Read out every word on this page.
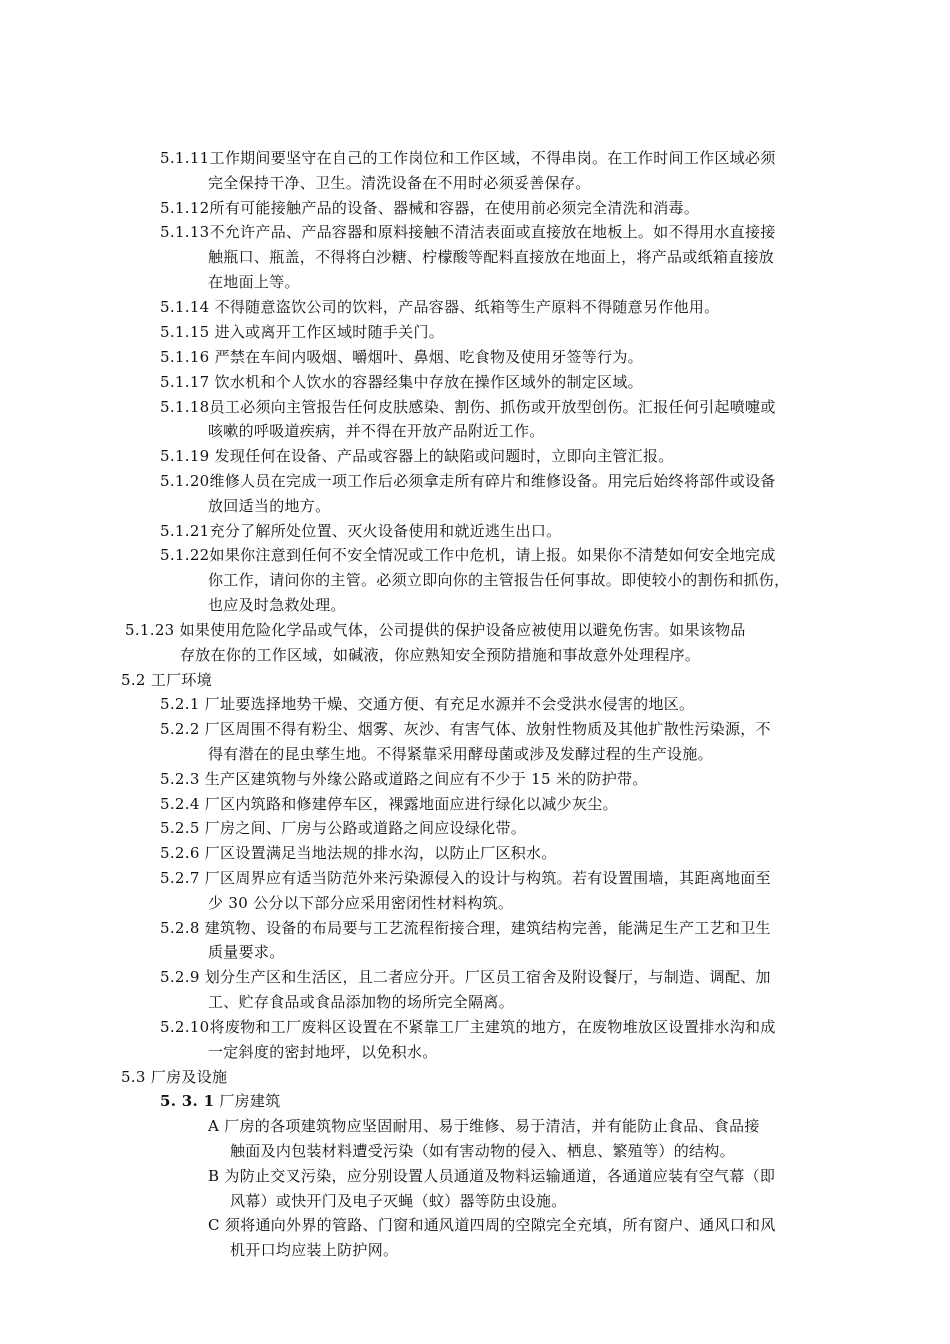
5.1.11工作期间要坚守在自己的工作岗位和工作区域，不得串岗。在工作时间工作区域必须
完全保持干净、卫生。清洗设备在不用时必须妥善保存。
5.1.12所有可能接触产品的设备、器械和容器，在使用前必须完全清洗和消毒。
5.1.13不允许产品、产品容器和原料接触不清洁表面或直接放在地板上。如不得用水直接接
触瓶口、瓶盖，不得将白沙糖、柠檬酸等配料直接放在地面上，将产品或纸箱直接放
在地面上等。
5.1.14 不得随意盗饮公司的饮料，产品容器、纸箱等生产原料不得随意另作他用。
5.1.15 进入或离开工作区域时随手关门。
5.1.16 严禁在车间内吸烟、嚼烟叶、鼻烟、吃食物及使用牙签等行为。
5.1.17 饮水机和个人饮水的容器经集中存放在操作区域外的制定区域。
5.1.18员工必须向主管报告任何皮肤感染、割伤、抓伤或开放型创伤。汇报任何引起喷嚏或
咳嗽的呼吸道疾病，并不得在开放产品附近工作。
5.1.19 发现任何在设备、产品或容器上的缺陷或问题时，立即向主管汇报。
5.1.20维修人员在完成一项工作后必须拿走所有碎片和维修设备。用完后始终将部件或设备
放回适当的地方。
5.1.21充分了解所处位置、灭火设备使用和就近逃生出口。
5.1.22如果你注意到任何不安全情况或工作中危机，请上报。如果你不清楚如何安全地完成
你工作，请问你的主管。必须立即向你的主管报告任何事故。即使较小的割伤和抓伤，
也应及时急救处理。
5.1.23 如果使用危险化学品或气体，公司提供的保护设备应被使用以避免伤害。如果该物品
存放在你的工作区域，如碱液，你应熟知安全预防措施和事故意外处理程序。
5.2 工厂环境
5.2.1 厂址要选择地势干燥、交通方便、有充足水源并不会受洪水侵害的地区。
5.2.2 厂区周围不得有粉尘、烟雾、灰沙、有害气体、放射性物质及其他扩散性污染源，不
得有潜在的昆虫孳生地。不得紧靠采用酵母菌或涉及发酵过程的生产设施。
5.2.3 生产区建筑物与外缘公路或道路之间应有不少于 15 米的防护带。
5.2.4 厂区内筑路和修建停车区，裸露地面应进行绿化以减少灰尘。
5.2.5 厂房之间、厂房与公路或道路之间应设绿化带。
5.2.6 厂区设置满足当地法规的排水沟，以防止厂区积水。
5.2.7 厂区周界应有适当防范外来污染源侵入的设计与构筑。若有设置围墙，其距离地面至
少 30 公分以下部分应采用密闭性材料构筑。
5.2.8 建筑物、设备的布局要与工艺流程衔接合理，建筑结构完善，能满足生产工艺和卫生
质量要求。
5.2.9 划分生产区和生活区，且二者应分开。厂区员工宿舍及附设餐厅，与制造、调配、加
工、贮存食品或食品添加物的场所完全隔离。
5.2.10将废物和工厂废料区设置在不紧靠工厂主建筑的地方，在废物堆放区设置排水沟和成
一定斜度的密封地坪，以免积水。
5.3 厂房及设施
5. 3. 1 厂房建筑
A 厂房的各项建筑物应坚固耐用、易于维修、易于清洁，并有能防止食品、食品接
触面及内包装材料遭受污染（如有害动物的侵入、栖息、繁殖等）的结构。
B 为防止交叉污染，应分别设置人员通道及物料运输通道，各通道应装有空气幕（即
风幕）或快开门及电子灭蝇（蚊）器等防虫设施。
C 须将通向外界的管路、门窗和通风道四周的空隙完全充填，所有窗户、通风口和风
机开口均应装上防护网。
